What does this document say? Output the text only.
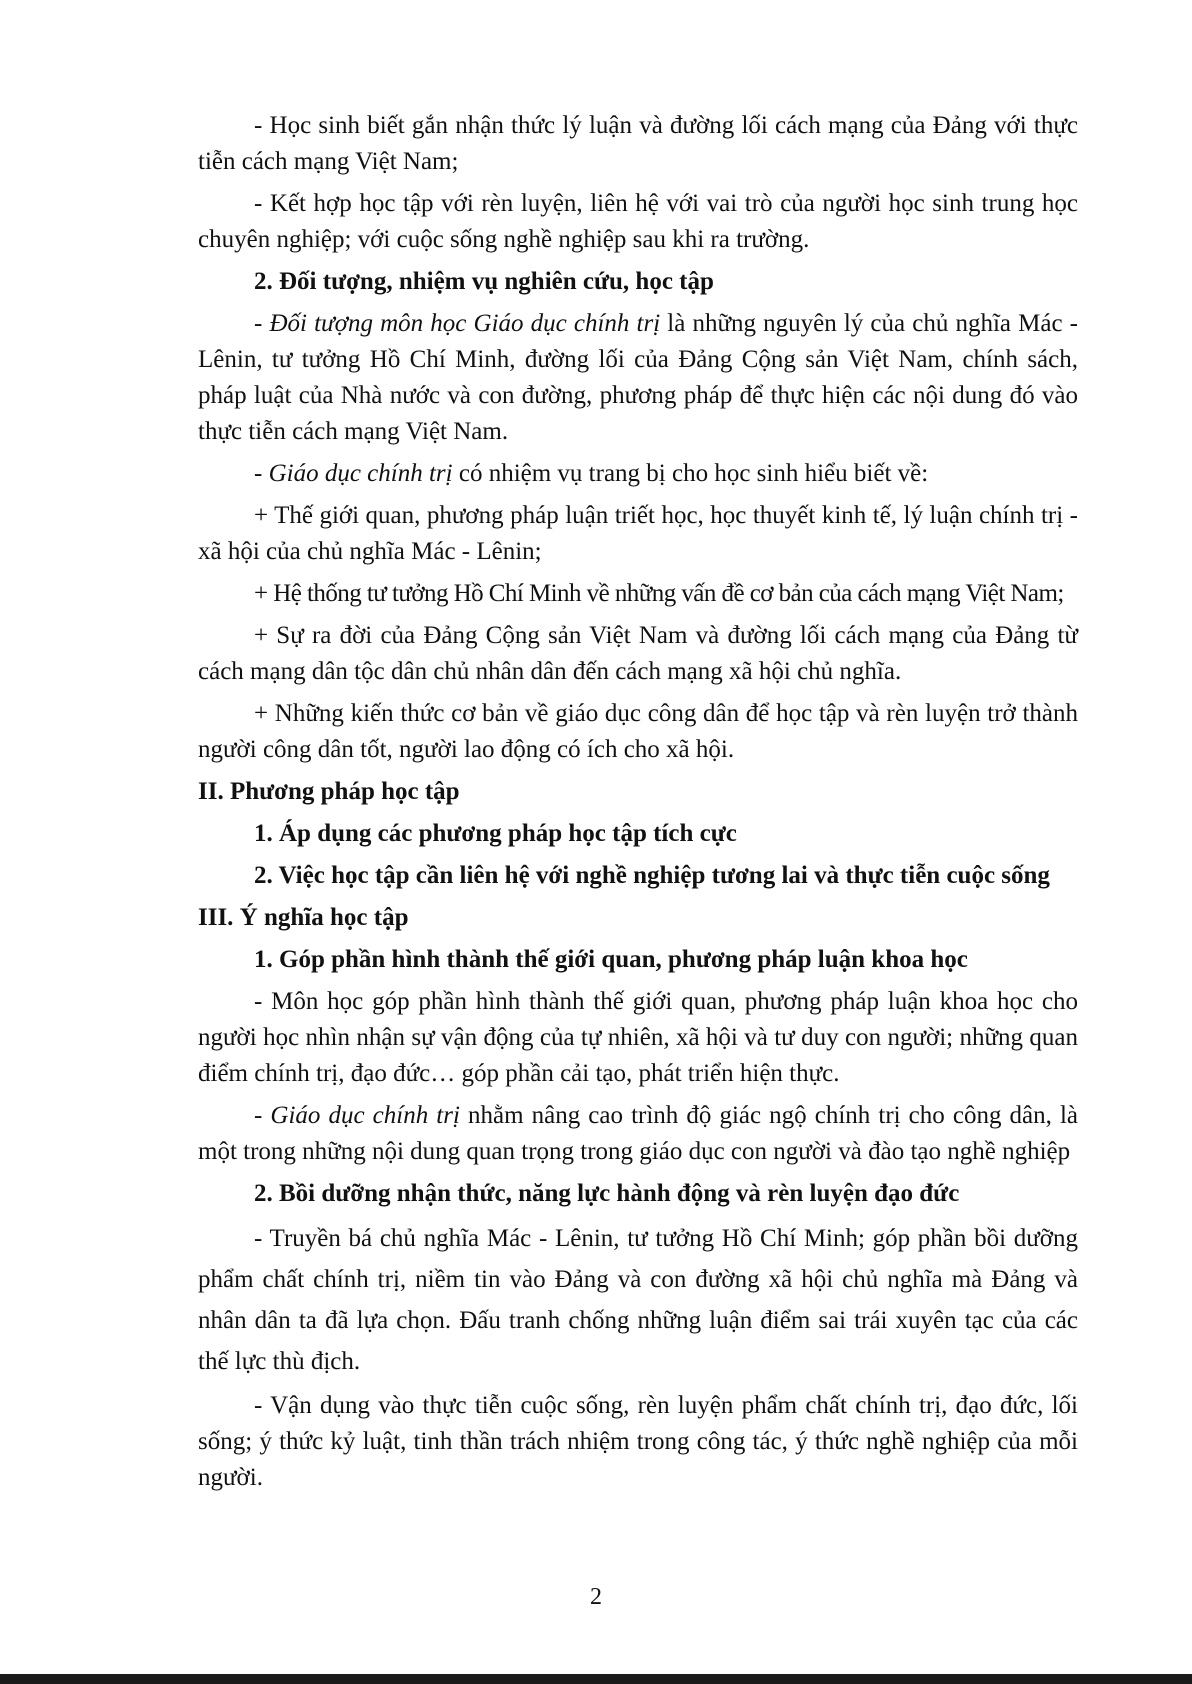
- Học sinh biết gắn nhận thức lý luận và đường lối cách mạng của Đảng với thực tiễn cách mạng Việt Nam;

- Kết hợp học tập với rèn luyện, liên hệ với vai trò của người học sinh trung học chuyên nghiệp; với cuộc sống nghề nghiệp sau khi ra trường.

2. Đối tượng, nhiệm vụ nghiên cứu, học tập

- Đối tượng môn học Giáo dục chính trị là những nguyên lý của chủ nghĩa Mác - Lênin, tư tưởng Hồ Chí Minh, đường lối của Đảng Cộng sản Việt Nam, chính sách, pháp luật của Nhà nước và con đường, phương pháp để thực hiện các nội dung đó vào thực tiễn cách mạng Việt Nam.

- Giáo dục chính trị có nhiệm vụ trang bị cho học sinh hiểu biết về:

+ Thế giới quan, phương pháp luận triết học, học thuyết kinh tế, lý luận chính trị - xã hội của chủ nghĩa Mác - Lênin;

+ Hệ thống tư tưởng Hồ Chí Minh về những vấn đề cơ bản của cách mạng Việt Nam;

+ Sự ra đời của Đảng Cộng sản Việt Nam và đường lối cách mạng của Đảng từ cách mạng dân tộc dân chủ nhân dân đến cách mạng xã hội chủ nghĩa.

+ Những kiến thức cơ bản về giáo dục công dân để học tập và rèn luyện trở thành người công dân tốt, người lao động có ích cho xã hội.

II. Phương pháp học tập

1. Áp dụng các phương pháp học tập tích cực

2. Việc học tập cần liên hệ với nghề nghiệp tương lai và thực tiễn cuộc sống

III. Ý nghĩa học tập

1. Góp phần hình thành thế giới quan, phương pháp luận khoa học

- Môn học góp phần hình thành thế giới quan, phương pháp luận khoa học cho người học nhìn nhận sự vận động của tự nhiên, xã hội và tư duy con người; những quan điểm chính trị, đạo đức… góp phần cải tạo, phát triển hiện thực.

- Giáo dục chính trị nhằm nâng cao trình độ giác ngộ chính trị cho công dân, là một trong những nội dung quan trọng trong giáo dục con người và đào tạo nghề nghiệp

2. Bồi dưỡng nhận thức, năng lực hành động và rèn luyện đạo đức

- Truyền bá chủ nghĩa Mác - Lênin, tư tưởng Hồ Chí Minh; góp phần bồi dưỡng phẩm chất chính trị, niềm tin vào Đảng và con đường xã hội chủ nghĩa mà Đảng và nhân dân ta đã lựa chọn. Đấu tranh chống những luận điểm sai trái xuyên tạc của các thế lực thù địch.

- Vận dụng vào thực tiễn cuộc sống, rèn luyện phẩm chất chính trị, đạo đức, lối sống; ý thức kỷ luật, tinh thần trách nhiệm trong công tác, ý thức nghề nghiệp của mỗi người.

2
